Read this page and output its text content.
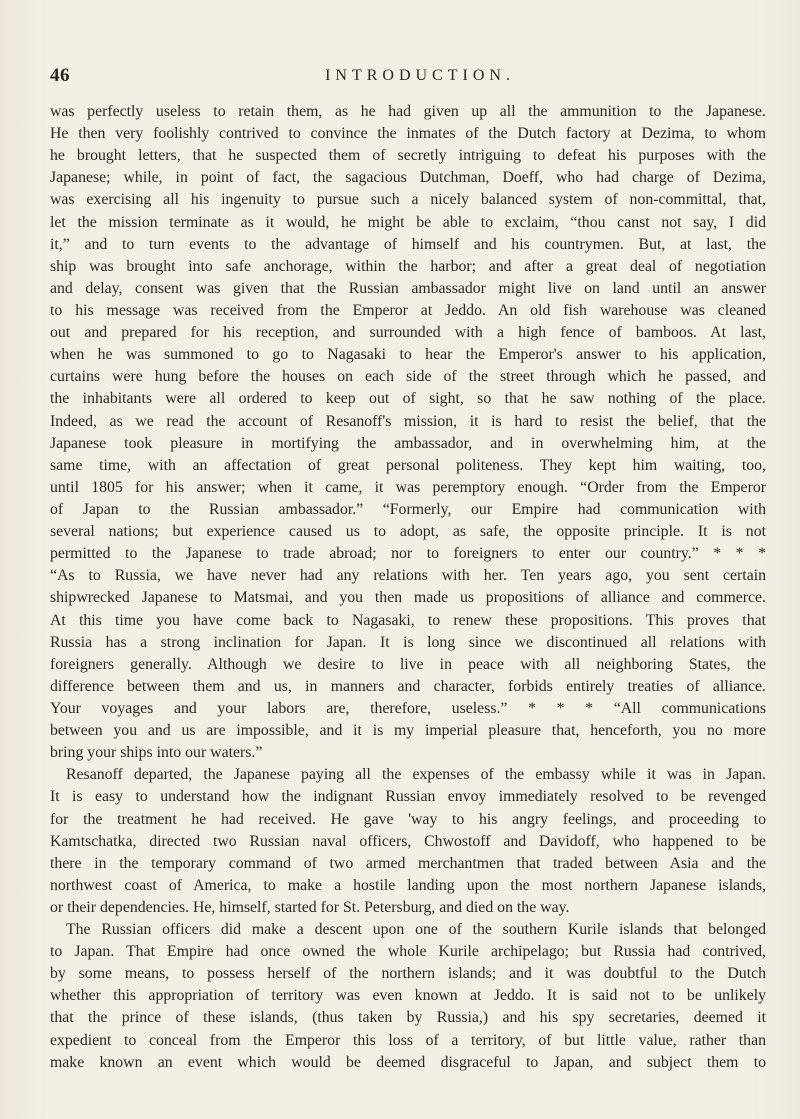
46	INTRODUCTION.
was perfectly useless to retain them, as he had given up all the ammunition to the Japanese.
He then very foolishly contrived to convince the inmates of the Dutch factory at Dezima, to whom
he brought letters, that he suspected them of secretly intriguing to defeat his purposes with the
Japanese; while, in point of fact, the sagacious Dutchman, Doeff, who had charge of Dezima,
was exercising all his ingenuity to pursue such a nicely balanced system of non-committal, that,
let the mission terminate as it would, he might be able to exclaim, “thou canst not say, I did
it,” and to turn events to the advantage of himself and his countrymen. But, at last, the
ship was brought into safe anchorage, within the harbor; and after a great deal of negotiation
and delay, consent was given that the Russian ambassador might live on land until an answer
to his message was received from the Emperor at Jeddo. An old fish warehouse was cleaned
out and prepared for his reception, and surrounded with a high fence of bamboos. At last,
when he was summoned to go to Nagasaki to hear the Emperor's answer to his application,
curtains were hung before the houses on each side of the street through which he passed, and
the inhabitants were all ordered to keep out of sight, so that he saw nothing of the place.
Indeed, as we read the account of Resanoff's mission, it is hard to resist the belief, that the
Japanese took pleasure in mortifying the ambassador, and in overwhelming him, at the
same time, with an affectation of great personal politeness. They kept him waiting, too,
until 1805 for his answer; when it came, it was peremptory enough. “Order from the Emperor
of Japan to the Russian ambassador.” “Formerly, our Empire had communication with
several nations; but experience caused us to adopt, as safe, the opposite principle. It is not
permitted to the Japanese to trade abroad; nor to foreigners to enter our country.” * * *
“As to Russia, we have never had any relations with her. Ten years ago, you sent certain
shipwrecked Japanese to Matsmai, and you then made us propositions of alliance and commerce.
At this time you have come back to Nagasaki, to renew these propositions. This proves that
Russia has a strong inclination for Japan. It is long since we discontinued all relations with
foreigners generally. Although we desire to live in peace with all neighboring States, the
difference between them and us, in manners and character, forbids entirely treaties of alliance.
Your voyages and your labors are, therefore, useless.” * * * “All communications
between you and us are impossible, and it is my imperial pleasure that, henceforth, you no more
bring your ships into our waters.”
Resanoff departed, the Japanese paying all the expenses of the embassy while it was in Japan.
It is easy to understand how the indignant Russian envoy immediately resolved to be revenged
for the treatment he had received. He gave 'way to his angry feelings, and proceeding to
Kamtschatka, directed two Russian naval officers, Chwostoff and Davidoff, who happened to be
there in the temporary command of two armed merchantmen that traded between Asia and the
northwest coast of America, to make a hostile landing upon the most northern Japanese islands,
or their dependencies. He, himself, started for St. Petersburg, and died on the way.
The Russian officers did make a descent upon one of the southern Kurile islands that belonged
to Japan. That Empire had once owned the whole Kurile archipelago; but Russia had contrived,
by some means, to possess herself of the northern islands; and it was doubtful to the Dutch
whether this appropriation of territory was even known at Jeddo. It is said not to be unlikely
that the prince of these islands, (thus taken by Russia,) and his spy secretaries, deemed it
expedient to conceal from the Emperor this loss of a territory, of but little value, rather than
make known an event which would be deemed disgraceful to Japan, and subject them to
